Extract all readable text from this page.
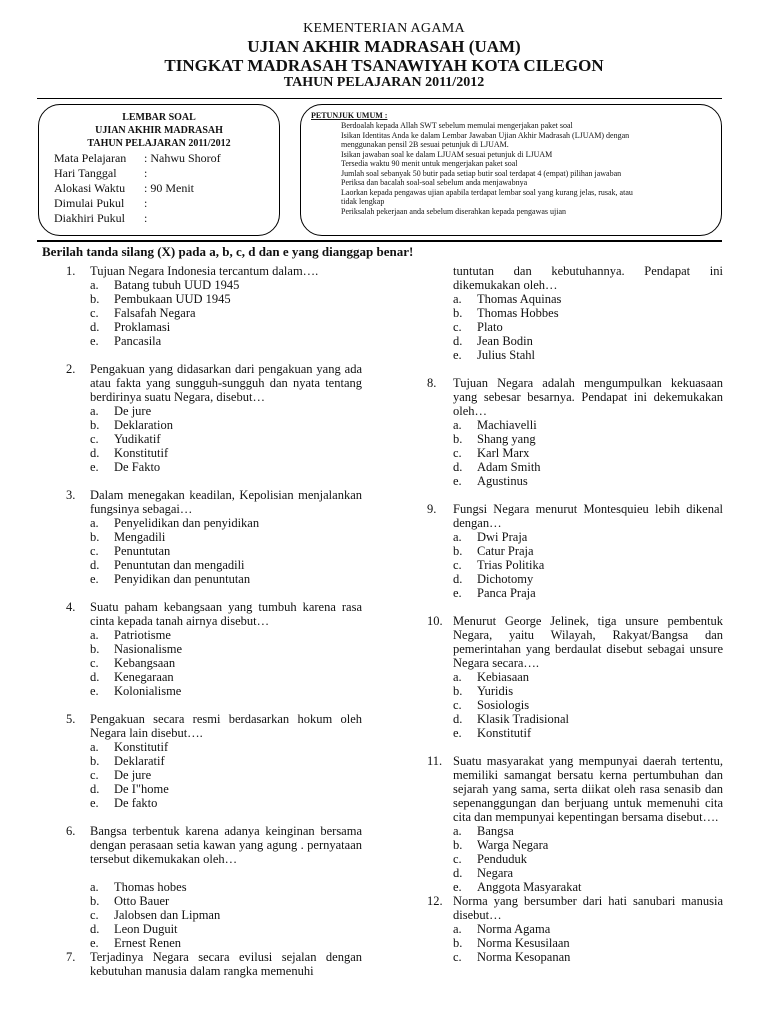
KEMENTERIAN AGAMA
UJIAN AKHIR MADRASAH (UAM)
TINGKAT MADRASAH TSANAWIYAH KOTA CILEGON
TAHUN PELAJARAN 2011/2012
LEMBAR SOAL
UJIAN AKHIR MADRASAH
TAHUN PELAJARAN 2011/2012
Mata Pelajaran	: Nahwu Shorof
Hari Tanggal	:
Alokasi Waktu	: 90 Menit
Dimulai Pukul	:
Diakhiri Pukul	:
PETUNJUK UMUM :
Berdoalah kepada Allah SWT sebelum memulai mengerjakan paket soal
Isikan Identitas Anda ke dalam Lembar Jawaban Ujian Akhir Madrasah (LJUAM) dengan
menggunakan pensil 2B sesuai petunjuk di LJUAM.
Isikan jawaban soal ke dalam LJUAM sesuai petunjuk di LJUAM
Tersedia waktu 90 menit untuk mengerjakan paket soal
Jumlah soal sebanyak 50 butir pada setiap butir soal terdapat 4 (empat) pilihan jawaban
Periksa dan bacalah soal-soal sebelum anda menjawabnya
Laorkan kepada pengawas ujian apabila terdapat lembar soal yang kurang jelas, rusak, atau
tidak lengkap
Periksalah pekerjaan anda sebelum diserahkan kepada pengawas ujian
Berilah tanda silang (X) pada a, b, c, d dan e yang dianggap benar!
1. Tujuan Negara Indonesia tercantum dalam….
a. Batang tubuh UUD 1945
b. Pembukaan UUD 1945
c. Falsafah Negara
d. Proklamasi
e. Pancasila
2. Pengakuan yang didasarkan dari pengakuan yang ada atau fakta yang sungguh-sungguh dan nyata tentang berdirinya suatu Negara, disebut…
a. De jure
b. Deklaration
c. Yudikatif
d. Konstitutif
e. De Fakto
3. Dalam menegakan keadilan, Kepolisian menjalankan fungsinya sebagai…
a. Penyelidikan dan penyidikan
b. Mengadili
c. Penuntutan
d. Penuntutan dan mengadili
e. Penyidikan dan penuntutan
4. Suatu paham kebangsaan yang tumbuh karena rasa cinta kepada tanah airnya disebut…
a. Patriotisme
b. Nasionalisme
c. Kebangsaan
d. Kenegaraan
e. Kolonialisme
5. Pengakuan secara resmi berdasarkan hokum oleh Negara lain disebut….
a. Konstitutif
b. Deklaratif
c. De jure
d. De I"home
e. De fakto
6. Bangsa terbentuk karena adanya keinginan bersama dengan perasaan setia kawan yang agung . pernyataan tersebut dikemukakan oleh…
a. Thomas hobes
b. Otto Bauer
c. Jalobsen dan Lipman
d. Leon Duguit
e. Ernest Renen
7. Terjadinya Negara secara evilusi sejalan dengan kebutuhan manusia dalam rangka memenuhi
tuntutan dan kebutuhannya. Pendapat ini dikemukakan oleh…
a. Thomas Aquinas
b. Thomas Hobbes
c. Plato
d. Jean Bodin
e. Julius Stahl
8. Tujuan Negara adalah mengumpulkan kekuasaan yang sebesar besarnya. Pendapat ini dekemukakan oleh…
a. Machiavelli
b. Shang yang
c. Karl Marx
d. Adam Smith
e. Agustinus
9. Fungsi Negara menurut Montesquieu lebih dikenal dengan…
a. Dwi Praja
b. Catur Praja
c. Trias Politika
d. Dichotomy
e. Panca Praja
10. Menurut George Jelinek, tiga unsure pembentuk Negara, yaitu Wilayah, Rakyat/Bangsa dan pemerintahan yang berdaulat disebut sebagai unsure Negara secara….
a. Kebiasaan
b. Yuridis
c. Sosiologis
d. Klasik Tradisional
e. Konstitutif
11. Suatu masyarakat yang mempunyai daerah tertentu, memiliki samangat bersatu kerna pertumbuhan dan sejarah yang sama, serta diikat oleh rasa senasib dan sepenanggungan dan berjuang untuk memenuhi cita cita dan mempunyai kepentingan bersama disebut….
a. Bangsa
b. Warga Negara
c. Penduduk
d. Negara
e. Anggota Masyarakat
12. Norma yang bersumber dari hati sanubari manusia disebut…
a. Norma Agama
b. Norma Kesusilaan
c. Norma Kesopanan
